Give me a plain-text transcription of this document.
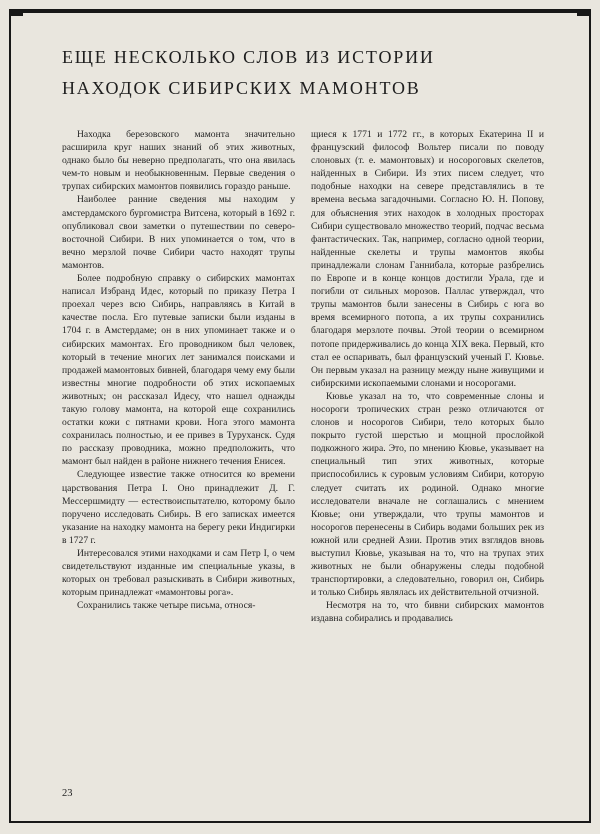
ЕЩЕ НЕСКОЛЬКО СЛОВ ИЗ ИСТОРИИ
НАХОДОК СИБИРСКИХ МАМОНТОВ

Находка березовского мамонта значительно расширила круг наших знаний об этих животных, однако было бы неверно предполагать, что она явилась чем-то новым и необыкновенным. Первые сведения о трупах сибирских мамонтов появились гораздо раньше.

Наиболее ранние сведения мы находим у амстердамского бургомистра Витсена, который в 1692 г. опубликовал свои заметки о путешествии по северо-восточной Сибири. В них упоминается о том, что в вечно мерзлой почве Сибири часто находят трупы мамонтов.

Более подробную справку о сибирских мамонтах написал Избранд Идес, который по приказу Петра I проехал через всю Сибирь, направляясь в Китай в качестве посла. Его путевые записки были изданы в 1704 г. в Амстердаме; он в них упоминает также и о сибирских мамонтах. Его проводником был человек, который в течение многих лет занимался поисками и продажей мамонтовых бивней, благодаря чему ему были известны многие подробности об этих ископаемых животных; он рассказал Идесу, что нашел однажды такую голову мамонта, на которой еще сохранились остатки кожи с пятнами крови. Нога этого мамонта сохранилась полностью, и ее привез в Туруханск. Судя по рассказу проводника, можно предположить, что мамонт был найден в районе нижнего течения Енисея.

Следующее известие также относится ко времени царствования Петра I. Оно принадлежит Д. Г. Мессершмидту — естествоиспытателю, которому было поручено исследовать Сибирь. В его записках имеется указание на находку мамонта на берегу реки Индигирки в 1727 г.

Интересовался этими находками и сам Петр I, о чем свидетельствуют изданные им специальные указы, в которых он требовал разыскивать в Сибири животных, которым принадлежат «мамонтовы рога».

Сохранились также четыре письма, относя-

щиеся к 1771 и 1772 гг., в которых Екатерина II и французский философ Вольтер писали по поводу слоновых (т. е. мамонтовых) и носороговых скелетов, найденных в Сибири. Из этих писем следует, что подобные находки на севере представлялись в те времена весьма загадочными. Согласно Ю. Н. Попову, для объяснения этих находок в холодных просторах Сибири существовало множество теорий, подчас весьма фантастических. Так, например, согласно одной теории, найденные скелеты и трупы мамонтов якобы принадлежали слонам Ганнибала, которые разбрелись по Европе и в конце концов достигли Урала, где и погибли от сильных морозов. Паллас утверждал, что трупы мамонтов были занесены в Сибирь с юга во время всемирного потопа, а их трупы сохранились благодаря мерзлоте почвы. Этой теории о всемирном потопе придерживались до конца XIX века. Первый, кто стал ее оспаривать, был французский ученый Г. Кювье. Он первым указал на разницу между ныне живущими и сибирскими ископаемыми слонами и носорогами.

Кювье указал на то, что современные слоны и носороги тропических стран резко отличаются от слонов и носорогов Сибири, тело которых было покрыто густой шерстью и мощной прослойкой подкожного жира. Это, по мнению Кювье, указывает на специальный тип этих животных, которые приспособились к суровым условиям Сибири, которую следует считать их родиной. Однако многие исследователи вначале не соглашались с мнением Кювье; они утверждали, что трупы мамонтов и носорогов перенесены в Сибирь водами больших рек из южной или средней Азии. Против этих взглядов вновь выступил Кювье, указывая на то, что на трупах этих животных не были обнаружены следы подобной транспортировки, а следовательно, говорил он, Сибирь и только Сибирь являлась их действительной отчизной.

Несмотря на то, что бивни сибирских мамонтов издавна собирались и продавались

23
